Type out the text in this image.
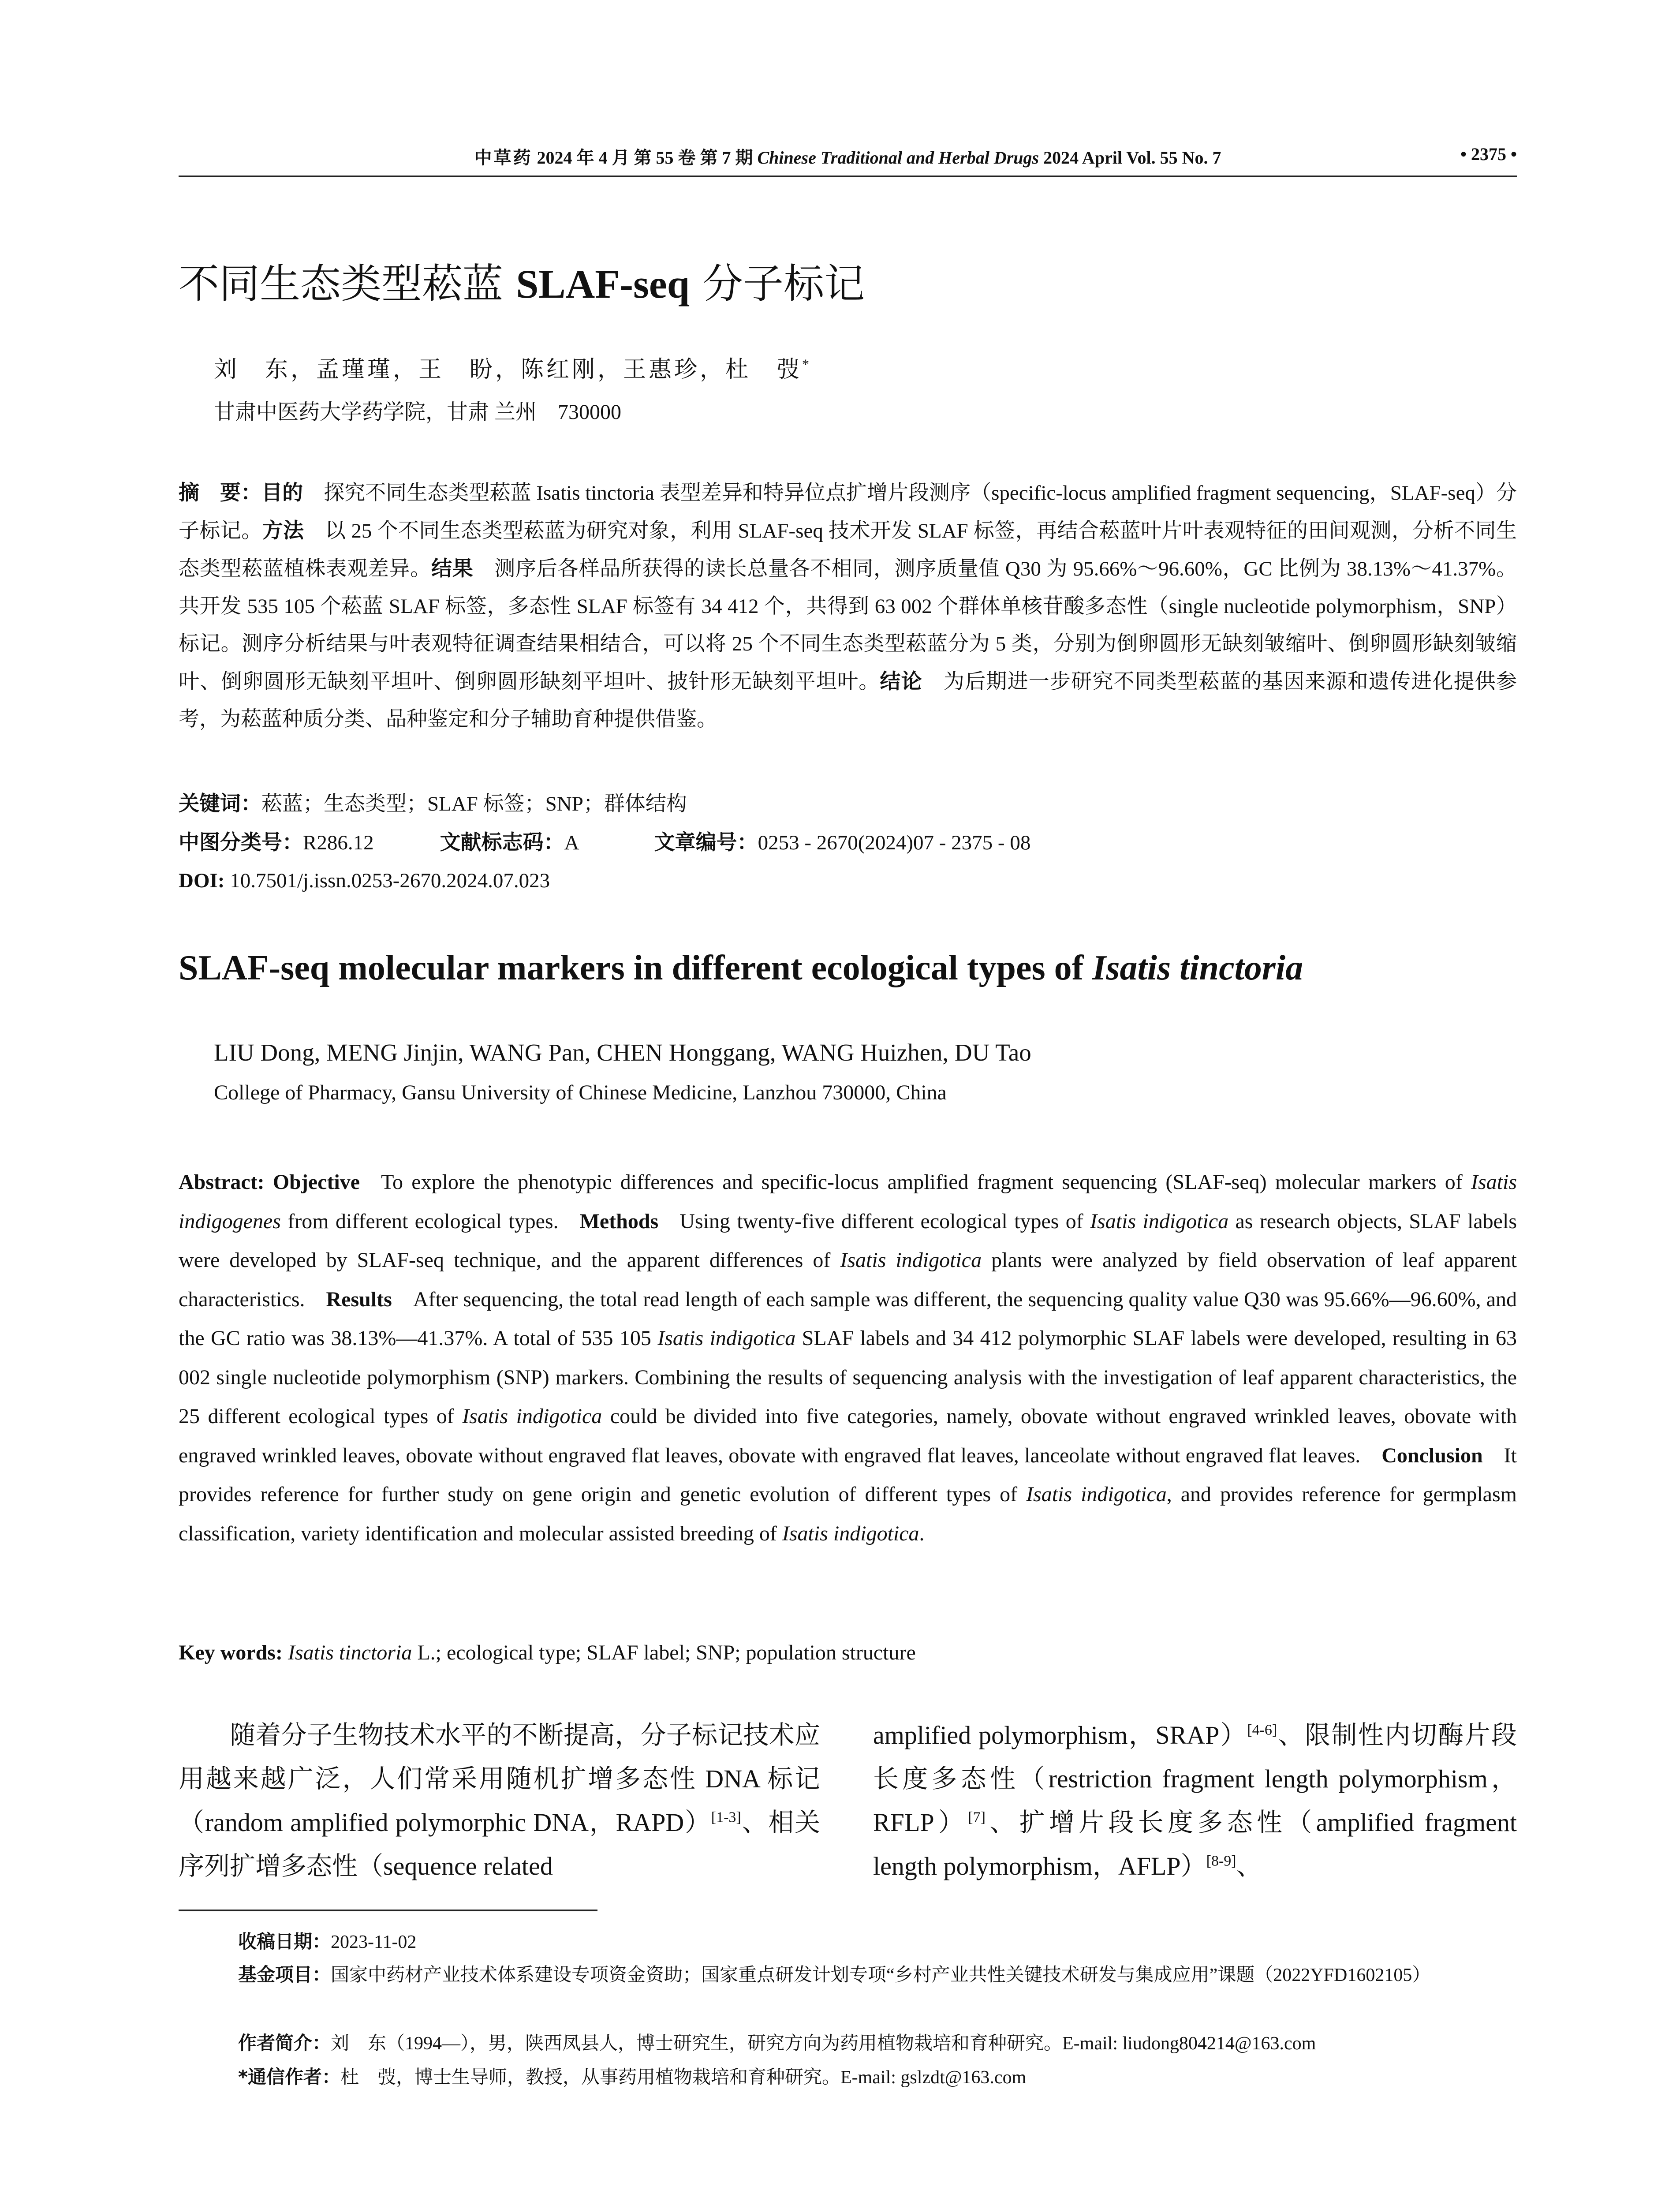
中草药 2024 年 4 月 第 55 卷 第 7 期 Chinese Traditional and Herbal Drugs 2024 April Vol. 55 No. 7	• 2375 •
不同生态类型菘蓝 SLAF-seq 分子标记
刘　东，孟瑾瑾，王　盼，陈红刚，王惠珍，杜　弢*
甘肃中医药大学药学院，甘肃 兰州　730000
摘　要：目的　探究不同生态类型菘蓝 Isatis tinctoria 表型差异和特异位点扩增片段测序（specific-locus amplified fragment sequencing，SLAF-seq）分子标记。方法　以 25 个不同生态类型菘蓝为研究对象，利用 SLAF-seq 技术开发 SLAF 标签，再结合菘蓝叶片叶表观特征的田间观测，分析不同生态类型菘蓝植株表观差异。结果　测序后各样品所获得的读长总量各不相同，测序质量值 Q30 为 95.66%～96.60%，GC 比例为 38.13%～41.37%。共开发 535 105 个菘蓝 SLAF 标签，多态性 SLAF 标签有 34 412 个，共得到 63 002 个群体单核苷酸多态性（single nucleotide polymorphism，SNP）标记。测序分析结果与叶表观特征调查结果相结合，可以将 25 个不同生态类型菘蓝分为 5 类，分别为倒卵圆形无缺刻皱缩叶、倒卵圆形缺刻皱缩叶、倒卵圆形无缺刻平坦叶、倒卵圆形缺刻平坦叶、披针形无缺刻平坦叶。结论　为后期进一步研究不同类型菘蓝的基因来源和遗传进化提供参考，为菘蓝种质分类、品种鉴定和分子辅助育种提供借鉴。
关键词：菘蓝；生态类型；SLAF 标签；SNP；群体结构
中图分类号：R286.12	文献标志码：A	文章编号：0253 - 2670(2024)07 - 2375 - 08
DOI: 10.7501/j.issn.0253-2670.2024.07.023
SLAF-seq molecular markers in different ecological types of Isatis tinctoria
LIU Dong, MENG Jinjin, WANG Pan, CHEN Honggang, WANG Huizhen, DU Tao
College of Pharmacy, Gansu University of Chinese Medicine, Lanzhou 730000, China
Abstract: Objective To explore the phenotypic differences and specific-locus amplified fragment sequencing (SLAF-seq) molecular markers of Isatis indigogenes from different ecological types. Methods Using twenty-five different ecological types of Isatis indigotica as research objects, SLAF labels were developed by SLAF-seq technique, and the apparent differences of Isatis indigotica plants were analyzed by field observation of leaf apparent characteristics. Results After sequencing, the total read length of each sample was different, the sequencing quality value Q30 was 95.66%—96.60%, and the GC ratio was 38.13%—41.37%. A total of 535 105 Isatis indigotica SLAF labels and 34 412 polymorphic SLAF labels were developed, resulting in 63 002 single nucleotide polymorphism (SNP) markers. Combining the results of sequencing analysis with the investigation of leaf apparent characteristics, the 25 different ecological types of Isatis indigotica could be divided into five categories, namely, obovate without engraved wrinkled leaves, obovate with engraved wrinkled leaves, obovate without engraved flat leaves, obovate with engraved flat leaves, lanceolate without engraved flat leaves. Conclusion It provides reference for further study on gene origin and genetic evolution of different types of Isatis indigotica, and provides reference for germplasm classification, variety identification and molecular assisted breeding of Isatis indigotica.
Key words: Isatis tinctoria L.; ecological type; SLAF label; SNP; population structure
随着分子生物技术水平的不断提高，分子标记技术应用越来越广泛，人们常采用随机扩增多态性 DNA 标记（random amplified polymorphic DNA，RAPD）[1-3]、相关序列扩增多态性（sequence related
amplified polymorphism，SRAP）[4-6]、限制性内切酶片段长度多态性（restriction fragment length polymorphism，RFLP）[7]、扩增片段长度多态性（amplified fragment length polymorphism，AFLP）[8-9]、
收稿日期：2023-11-02
基金项目：国家中药材产业技术体系建设专项资金资助；国家重点研发计划专项“乡村产业共性关键技术研发与集成应用”课题（2022YFD1602105）
作者简介：刘　东（1994—），男，陕西凤县人，博士研究生，研究方向为药用植物栽培和育种研究。E-mail: liudong804214@163.com
*通信作者：杜　弢，博士生导师，教授，从事药用植物栽培和育种研究。E-mail: gslzdt@163.com
